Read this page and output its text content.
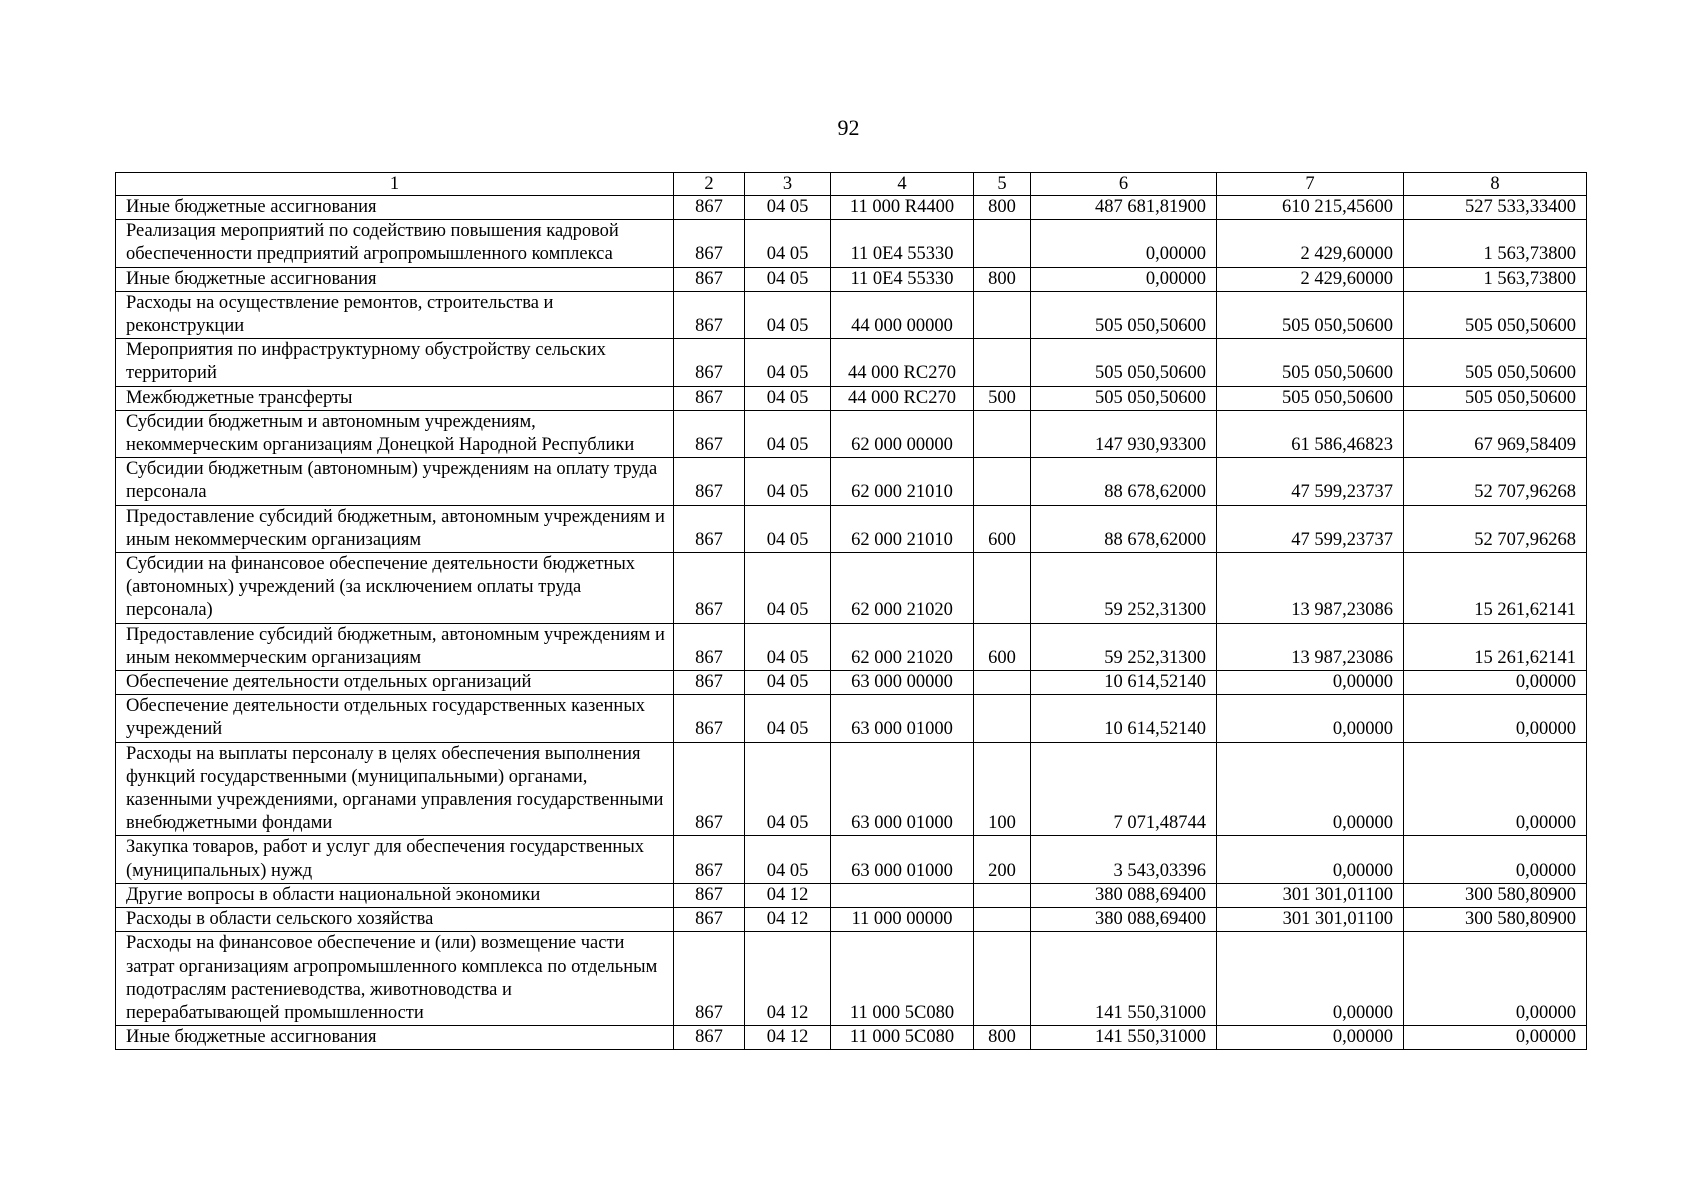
92
1	2	3	4	5	6	7	8
Иные бюджетные ассигнования	867	04 05	11 000 R4400	800	487 681,81900	610 215,45600	527 533,33400
Реализация мероприятий по содействию повышения кадровой обеспеченности предприятий агропромышленного комплекса	867	04 05	11 0E4 55330		0,00000	2 429,60000	1 563,73800
Иные бюджетные ассигнования	867	04 05	11 0E4 55330	800	0,00000	2 429,60000	1 563,73800
Расходы на осуществление ремонтов, строительства и реконструкции	867	04 05	44 000 00000		505 050,50600	505 050,50600	505 050,50600
Мероприятия по инфраструктурному обустройству сельских территорий	867	04 05	44 000 RC270		505 050,50600	505 050,50600	505 050,50600
Межбюджетные трансферты	867	04 05	44 000 RC270	500	505 050,50600	505 050,50600	505 050,50600
Субсидии бюджетным и автономным учреждениям, некоммерческим организациям Донецкой Народной Республики	867	04 05	62 000 00000		147 930,93300	61 586,46823	67 969,58409
Субсидии бюджетным (автономным) учреждениям на оплату труда персонала	867	04 05	62 000 21010		88 678,62000	47 599,23737	52 707,96268
Предоставление субсидий бюджетным, автономным учреждениям и иным некоммерческим организациям	867	04 05	62 000 21010	600	88 678,62000	47 599,23737	52 707,96268
Субсидии на финансовое обеспечение деятельности бюджетных (автономных) учреждений (за исключением оплаты труда персонала)	867	04 05	62 000 21020		59 252,31300	13 987,23086	15 261,62141
Предоставление субсидий бюджетным, автономным учреждениям и иным некоммерческим организациям	867	04 05	62 000 21020	600	59 252,31300	13 987,23086	15 261,62141
Обеспечение деятельности отдельных организаций	867	04 05	63 000 00000		10 614,52140	0,00000	0,00000
Обеспечение деятельности отдельных государственных казенных учреждений	867	04 05	63 000 01000		10 614,52140	0,00000	0,00000
Расходы на выплаты персоналу в целях обеспечения выполнения функций государственными (муниципальными) органами, казенными учреждениями, органами управления государственными внебюджетными фондами	867	04 05	63 000 01000	100	7 071,48744	0,00000	0,00000
Закупка товаров, работ и услуг для обеспечения государственных (муниципальных) нужд	867	04 05	63 000 01000	200	3 543,03396	0,00000	0,00000
Другие вопросы в области национальной экономики	867	04 12			380 088,69400	301 301,01100	300 580,80900
Расходы в области сельского хозяйства	867	04 12	11 000 00000		380 088,69400	301 301,01100	300 580,80900
Расходы на финансовое обеспечение и (или) возмещение части затрат организациям агропромышленного комплекса по отдельным подотраслям растениеводства, животноводства и перерабатывающей промышленности	867	04 12	11 000 5C080		141 550,31000	0,00000	0,00000
Иные бюджетные ассигнования	867	04 12	11 000 5C080	800	141 550,31000	0,00000	0,00000
